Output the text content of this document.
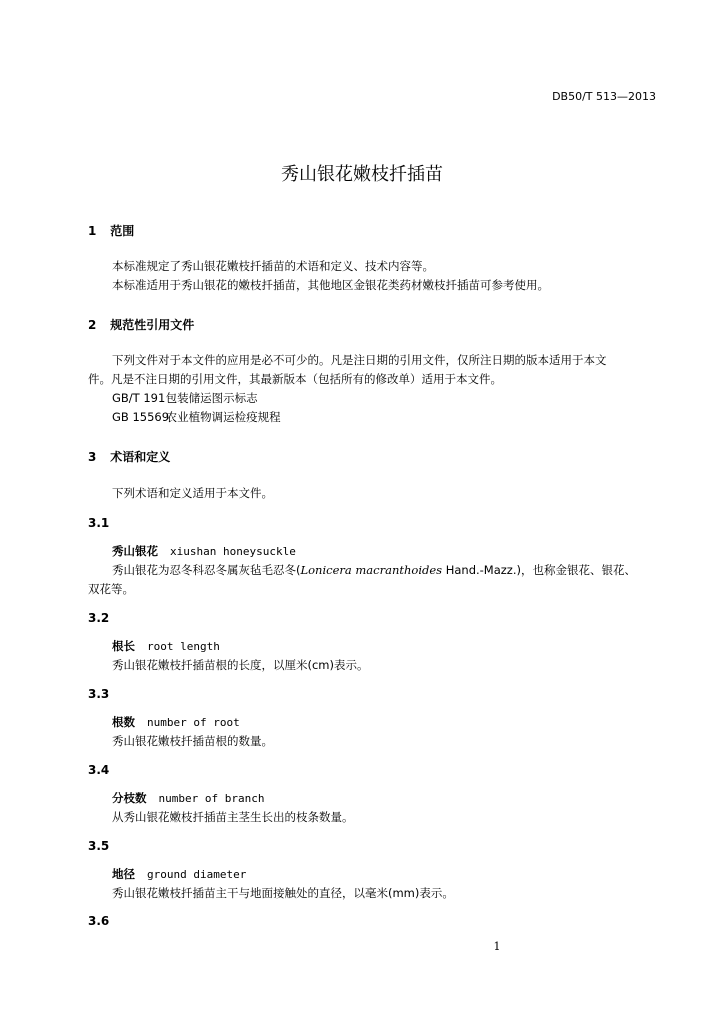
DB50/T 513—2013
秀山银花嫩枝扦插苗
1 范围
本标准规定了秀山银花嫩枝扦插苗的术语和定义、技术内容等。
本标准适用于秀山银花的嫩枝扦插苗，其他地区金银花类药材嫩枝扦插苗可参考使用。
2 规范性引用文件
下列文件对于本文件的应用是必不可少的。凡是注日期的引用文件，仅所注日期的版本适用于本文
件。凡是不注日期的引用文件，其最新版本（包括所有的修改单）适用于本文件。
GB/T 191 包装储运图示标志
GB 15569 农业植物调运检疫规程
3 术语和定义
下列术语和定义适用于本文件。
3.1
秀山银花 xiushan honeysuckle
秀山银花为忍冬科忍冬属灰毡毛忍冬(Lonicera macranthoides Hand.-Mazz.)，也称金银花、银花、
双花等。
3.2
根长 root length
秀山银花嫩枝扦插苗根的长度，以厘米(cm)表示。
3.3
根数 number of root
秀山银花嫩枝扦插苗根的数量。
3.4
分枝数 number of branch
从秀山银花嫩枝扦插苗主茎生长出的枝条数量。
3.5
地径 ground diameter
秀山银花嫩枝扦插苗主干与地面接触处的直径，以毫米(mm)表示。
3.6
1
